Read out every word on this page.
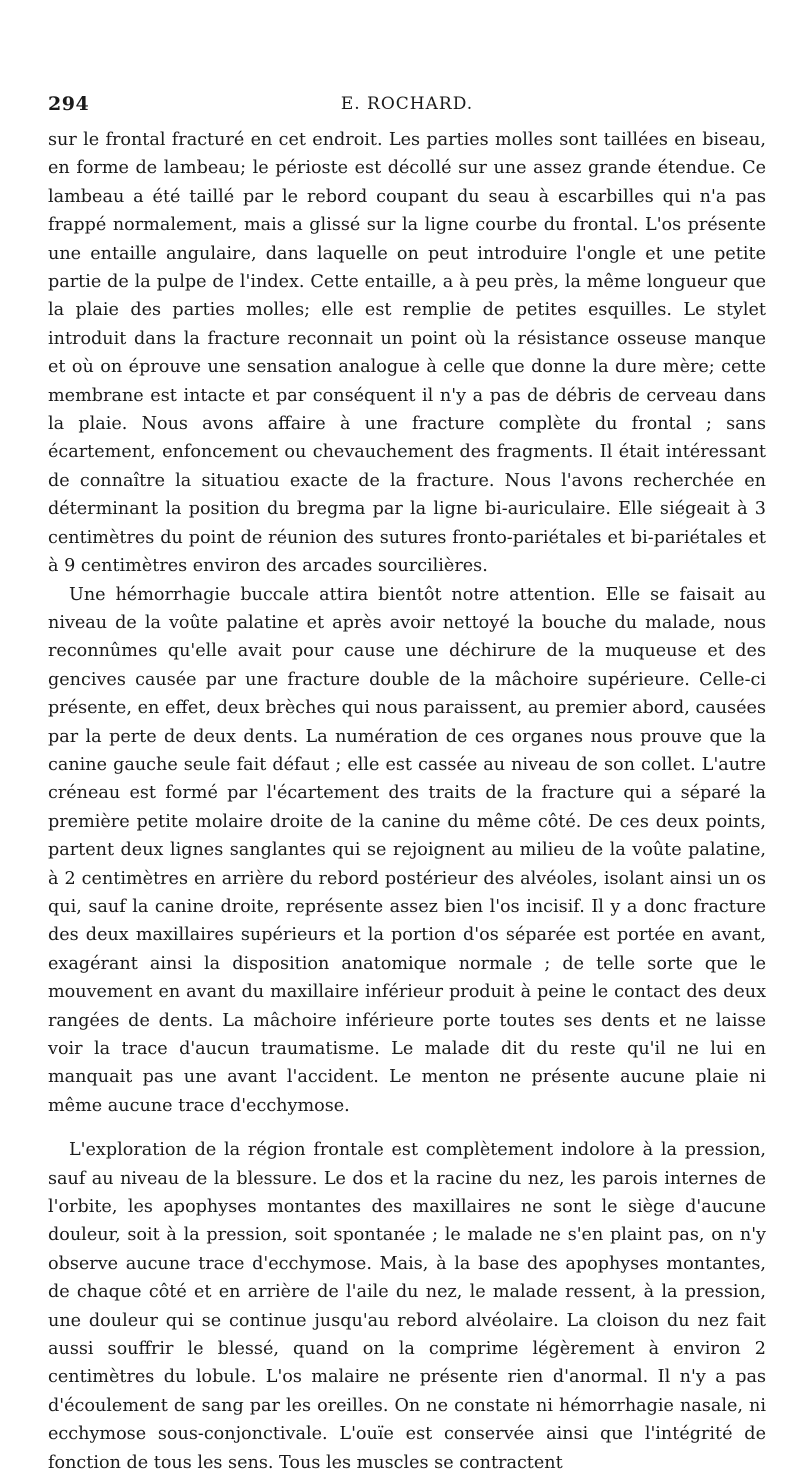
294	E. ROCHARD.

sur le frontal fracturé en cet endroit. Les parties molles sont taillées en biseau, en forme de lambeau; le périoste est décollé sur une assez grande étendue. Ce lambeau a été taillé par le rebord coupant du seau à escarbilles qui n'a pas frappé normalement, mais a glissé sur la ligne courbe du frontal. L'os présente une entaille angulaire, dans laquelle on peut introduire l'ongle et une petite partie de la pulpe de l'index. Cette entaille, a à peu près, la même longueur que la plaie des parties molles; elle est remplie de petites esquilles. Le stylet introduit dans la fracture reconnait un point où la résistance osseuse manque et où on éprouve une sensation analogue à celle que donne la dure mère; cette membrane est intacte et par conséquent il n'y a pas de débris de cerveau dans la plaie. Nous avons affaire à une fracture complète du frontal ; sans écartement, enfoncement ou chevauchement des fragments. Il était intéressant de connaître la situatiou exacte de la fracture. Nous l'avons recherchée en déterminant la position du bregma par la ligne bi-auriculaire. Elle siégeait à 3 centimètres du point de réunion des sutures fronto-pariétales et bi-pariétales et à 9 centimètres environ des arcades sourcilières.

Une hémorrhagie buccale attira bientôt notre attention. Elle se faisait au niveau de la voûte palatine et après avoir nettoyé la bouche du malade, nous reconnûmes qu'elle avait pour cause une déchirure de la muqueuse et des gencives causée par une fracture double de la mâchoire supérieure. Celle-ci présente, en effet, deux brèches qui nous paraissent, au premier abord, causées par la perte de deux dents. La numération de ces organes nous prouve que la canine gauche seule fait défaut ; elle est cassée au niveau de son collet. L'autre créneau est formé par l'écartement des traits de la fracture qui a séparé la première petite molaire droite de la canine du même côté. De ces deux points, partent deux lignes sanglantes qui se rejoignent au milieu de la voûte palatine, à 2 centimètres en arrière du rebord postérieur des alvéoles, isolant ainsi un os qui, sauf la canine droite, représente assez bien l'os incisif. Il y a donc fracture des deux maxillaires supérieurs et la portion d'os séparée est portée en avant, exagérant ainsi la disposition anatomique normale ; de telle sorte que le mouvement en avant du maxillaire inférieur produit à peine le contact des deux rangées de dents. La mâchoire inférieure porte toutes ses dents et ne laisse voir la trace d'aucun traumatisme. Le malade dit du reste qu'il ne lui en manquait pas une avant l'accident. Le menton ne présente aucune plaie ni même aucune trace d'ecchymose.

L'exploration de la région frontale est complètement indolore à la pression, sauf au niveau de la blessure. Le dos et la racine du nez, les parois internes de l'orbite, les apophyses montantes des maxillaires ne sont le siège d'aucune douleur, soit à la pression, soit spontanée ; le malade ne s'en plaint pas, on n'y observe aucune trace d'ecchymose. Mais, à la base des apophyses montantes, de chaque côté et en arrière de l'aile du nez, le malade ressent, à la pression, une douleur qui se continue jusqu'au rebord alvéolaire. La cloison du nez fait aussi souffrir le blessé, quand on la comprime légèrement à environ 2 centimètres du lobule. L'os malaire ne présente rien d'anormal. Il n'y a pas d'écoulement de sang par les oreilles. On ne constate ni hémorrhagie nasale, ni ecchymose sous-conjonctivale. L'ouïe est conservée ainsi que l'intégrité de fonction de tous les sens. Tous les muscles se contractent
